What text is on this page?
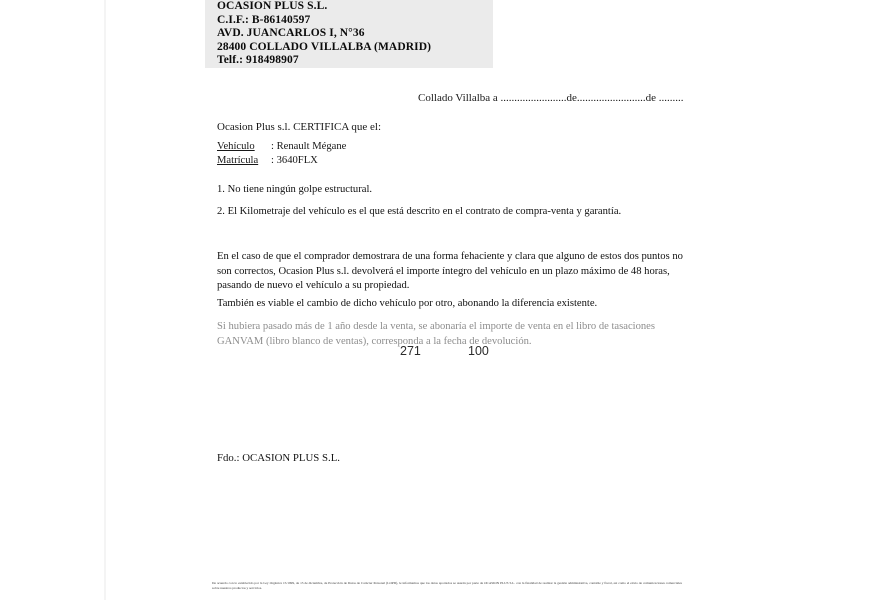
OCASION PLUS S.L.
C.I.F.: B-86140597
AVD. JUANCARLOS I, N°36
28400 COLLADO VILLALBA (MADRID)
Telf.: 918498907
Collado Villalba a ........................de.........................de .........
Ocasion Plus s.l. CERTIFICA que el:
Vehículo : Renault Mégane
Matrícula : 3640FLX
1. No tiene ningún golpe estructural.
2. El Kilometraje del vehículo es el que está descrito en el contrato de compra-venta y garantía.
En el caso de que el comprador demostrara de una forma fehaciente y clara que alguno de estos dos puntos no son correctos, Ocasion Plus s.l. devolverá el importe íntegro del vehículo en un plazo máximo de 48 horas, pasando de nuevo el vehículo a su propiedad.
También es viable el cambio de dicho vehículo por otro, abonando la diferencia existente.
Si hubiera pasado más de 1 año desde la venta, se abonaría el importe de venta en el libro de tasaciones GANVAM (libro blanco de ventas), corresponda a la fecha de devolución.
271	100
Fdo.: OCASION PLUS S.L.
De acuerdo con lo establecido por la Ley Orgánica 15/1999, de 13 de diciembre, de Protección de Datos de Carácter Personal (LOPD), le informamos que los datos aportados se usarán por parte de OCASION PLUS S.L. con la finalidad de realizar la gestión administrativa, contable y fiscal, así como el envío de comunicaciones comerciales sobre nuestros productos y servicios.
